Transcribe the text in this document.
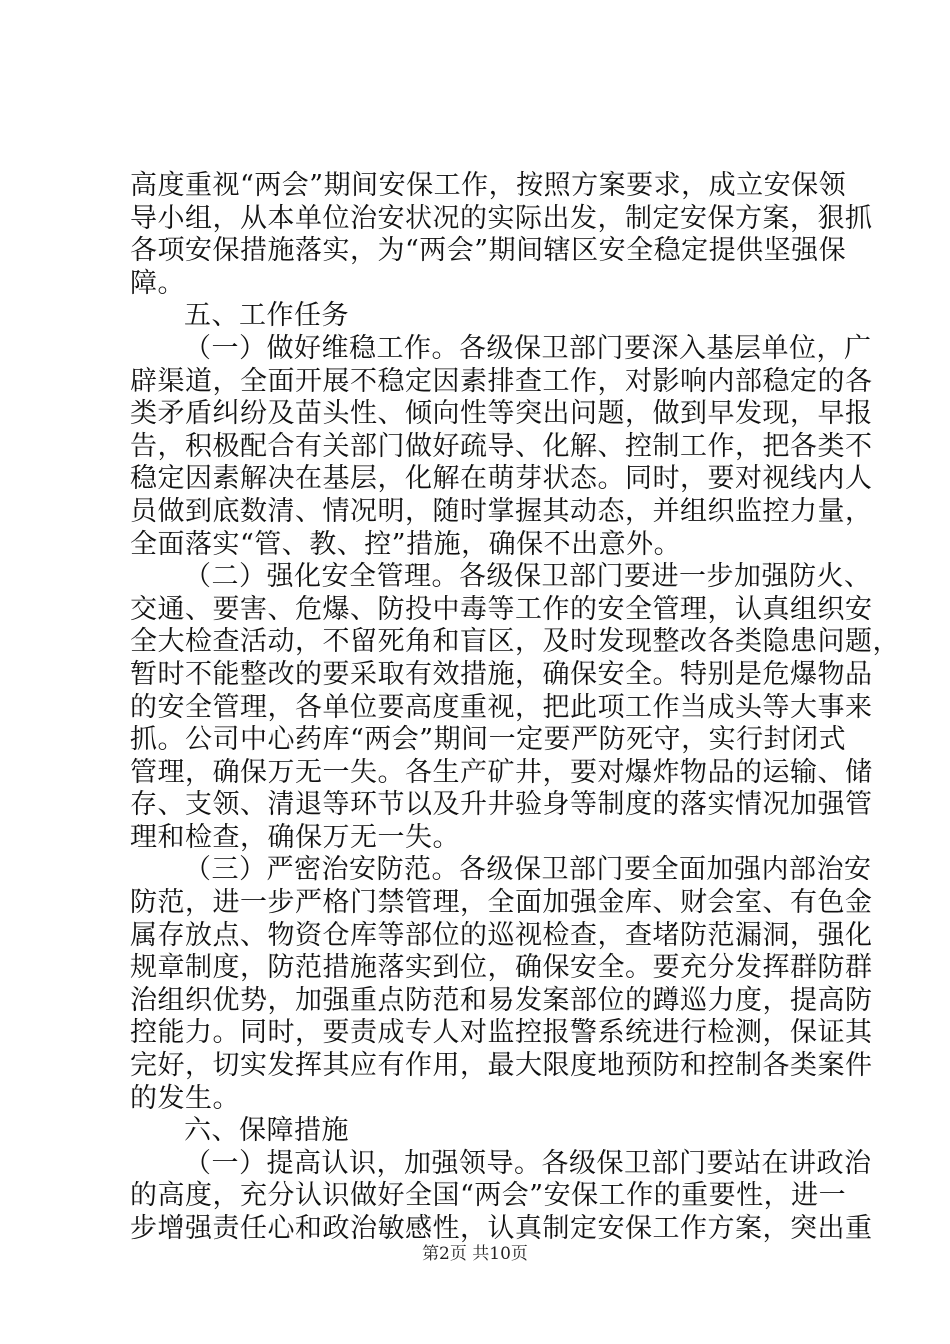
高度重视“两会”期间安保工作，按照方案要求，成立安保领
导小组，从本单位治安状况的实际出发，制定安保方案，狠抓
各项安保措施落实，为“两会”期间辖区安全稳定提供坚强保
障。
五、工作任务
（一）做好维稳工作。各级保卫部门要深入基层单位，广
辟渠道，全面开展不稳定因素排查工作，对影响内部稳定的各
类矛盾纠纷及苗头性、倾向性等突出问题，做到早发现，早报
告，积极配合有关部门做好疏导、化解、控制工作，把各类不
稳定因素解决在基层，化解在萌芽状态。同时，要对视线内人
员做到底数清、情况明，随时掌握其动态，并组织监控力量，
全面落实“管、教、控”措施，确保不出意外。
（二）强化安全管理。各级保卫部门要进一步加强防火、
交通、要害、危爆、防投中毒等工作的安全管理，认真组织安
全大检查活动，不留死角和盲区，及时发现整改各类隐患问题，
暂时不能整改的要采取有效措施，确保安全。特别是危爆物品
的安全管理，各单位要高度重视，把此项工作当成头等大事来
抓。公司中心药库“两会”期间一定要严防死守，实行封闭式
管理，确保万无一失。各生产矿井，要对爆炸物品的运输、储
存、支领、清退等环节以及升井验身等制度的落实情况加强管
理和检查，确保万无一失。
（三）严密治安防范。各级保卫部门要全面加强内部治安
防范，进一步严格门禁管理，全面加强金库、财会室、有色金
属存放点、物资仓库等部位的巡视检查，查堵防范漏洞，强化
规章制度，防范措施落实到位，确保安全。要充分发挥群防群
治组织优势，加强重点防范和易发案部位的蹲巡力度，提高防
控能力。同时，要责成专人对监控报警系统进行检测，保证其
完好，切实发挥其应有作用，最大限度地预防和控制各类案件
的发生。
六、保障措施
（一）提高认识，加强领导。各级保卫部门要站在讲政治
的高度，充分认识做好全国“两会”安保工作的重要性，进一
步增强责任心和政治敏感性，认真制定安保工作方案，突出重
第2页 共10页
